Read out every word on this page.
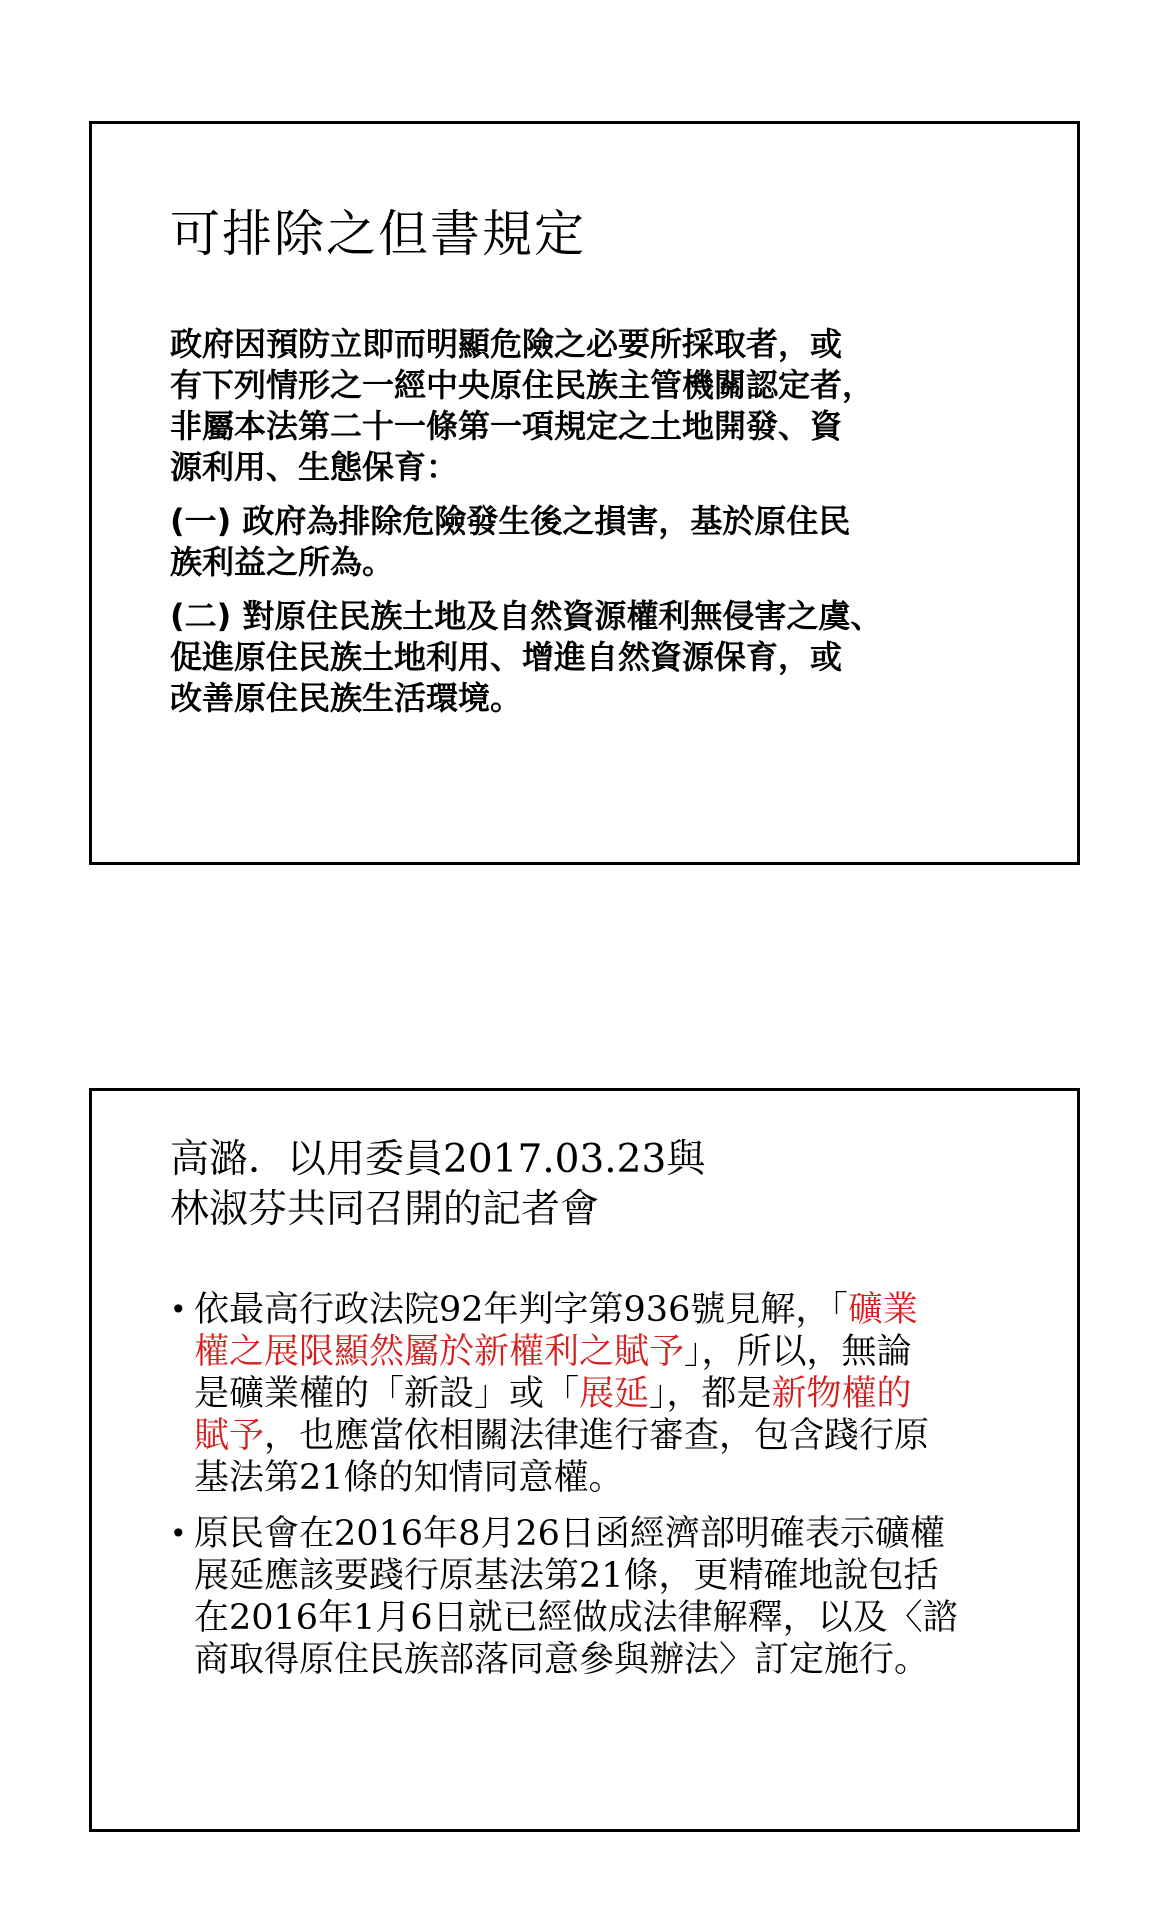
可排除之但書規定

政府因預防立即而明顯危險之必要所採取者，或
有下列情形之一經中央原住民族主管機關認定者，
非屬本法第二十一條第一項規定之土地開發、資
源利用、生態保育：

(一) 政府為排除危險發生後之損害，基於原住民
族利益之所為。

(二) 對原住民族土地及自然資源權利無侵害之虞、
促進原住民族土地利用、增進自然資源保育，或
改善原住民族生活環境。

高潞．以用委員2017.03.23與
林淑芬共同召開的記者會
• 依最高行政法院92年判字第936號見解，「礦業
權之展限顯然屬於新權利之賦予」，所以，無論
是礦業權的「新設」或「展延」，都是新物權的
賦予，也應當依相關法律進行審查，包含踐行原
基法第21條的知情同意權。
• 原民會在2016年8月26日函經濟部明確表示礦權
展延應該要踐行原基法第21條，更精確地說包括
在2016年1月6日就已經做成法律解釋，以及〈諮
商取得原住民族部落同意參與辦法〉訂定施行。
